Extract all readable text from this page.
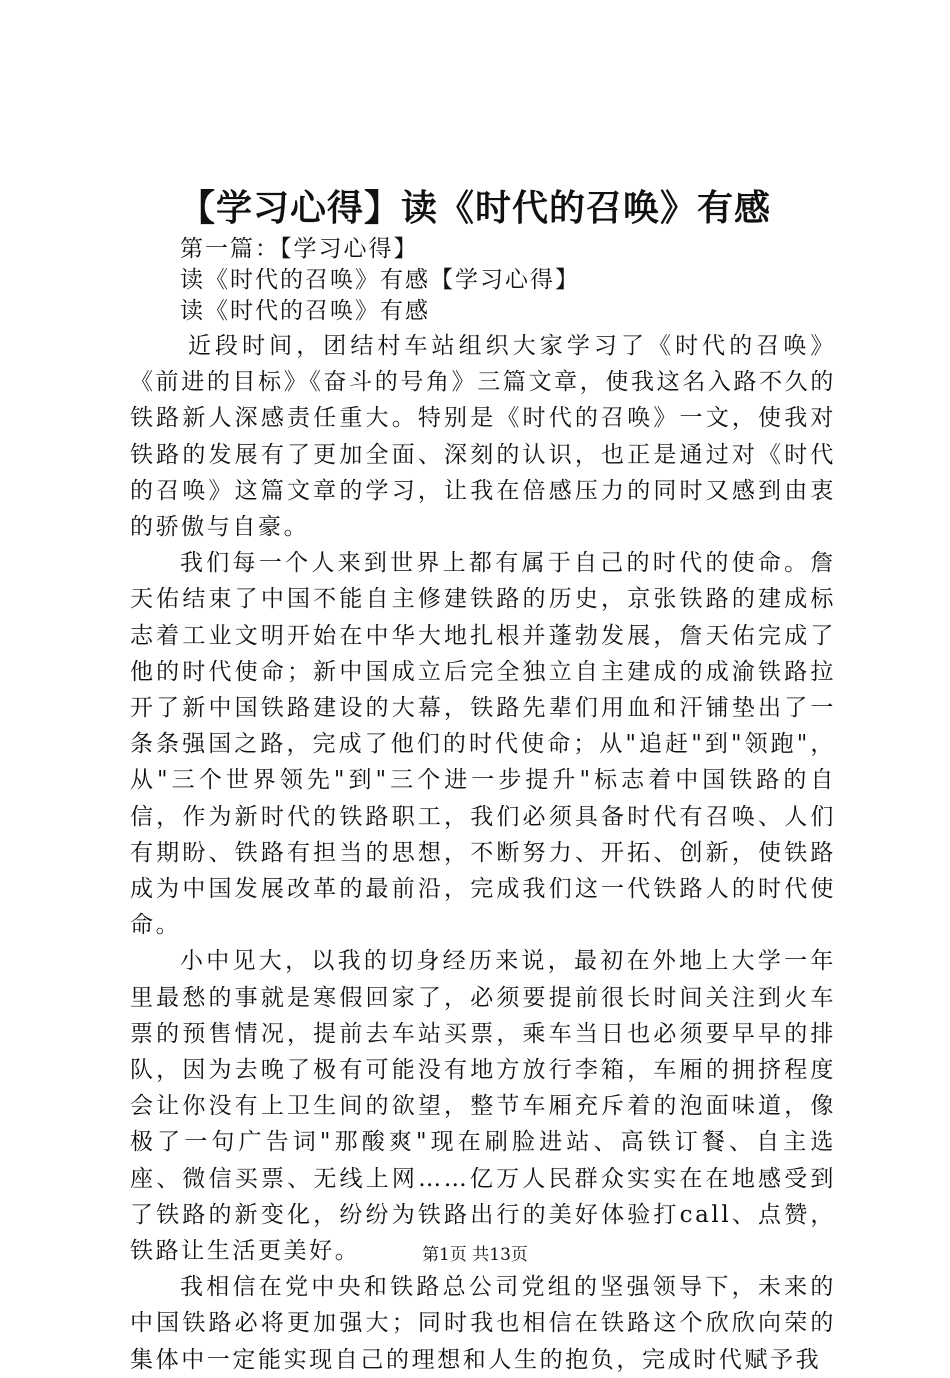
【学习心得】读《时代的召唤》有感

第一篇：【学习心得】

读《时代的召唤》有感【学习心得】

读《时代的召唤》有感

近段时间，团结村车站组织大家学习了《时代的召唤》《前进的目标》《奋斗的号角》三篇文章，使我这名入路不久的铁路新人深感责任重大。特别是《时代的召唤》一文，使我对铁路的发展有了更加全面、深刻的认识，也正是通过对《时代的召唤》这篇文章的学习，让我在倍感压力的同时又感到由衷的骄傲与自豪。

我们每一个人来到世界上都有属于自己的时代的使命。詹天佑结束了中国不能自主修建铁路的历史，京张铁路的建成标志着工业文明开始在中华大地扎根并蓬勃发展，詹天佑完成了他的时代使命；新中国成立后完全独立自主建成的成渝铁路拉开了新中国铁路建设的大幕，铁路先辈们用血和汗铺垫出了一条条强国之路，完成了他们的时代使命；从"追赶"到"领跑"，从"三个世界领先"到"三个进一步提升"标志着中国铁路的自信，作为新时代的铁路职工，我们必须具备时代有召唤、人们有期盼、铁路有担当的思想，不断努力、开拓、创新，使铁路成为中国发展改革的最前沿，完成我们这一代铁路人的时代使命。

小中见大，以我的切身经历来说，最初在外地上大学一年里最愁的事就是寒假回家了，必须要提前很长时间关注到火车票的预售情况，提前去车站买票，乘车当日也必须要早早的排队，因为去晚了极有可能没有地方放行李箱，车厢的拥挤程度会让你没有上卫生间的欲望，整节车厢充斥着的泡面味道，像极了一句广告词"那酸爽"现在刷脸进站、高铁订餐、自主选座、微信买票、无线上网……亿万人民群众实实在在地感受到了铁路的新变化，纷纷为铁路出行的美好体验打call、点赞，铁路让生活更美好。

我相信在党中央和铁路总公司党组的坚强领导下，未来的中国铁路必将更加强大；同时我也相信在铁路这个欣欣向荣的集体中一定能实现自己的理想和人生的抱负，完成时代赋予我

第1页 共13页
